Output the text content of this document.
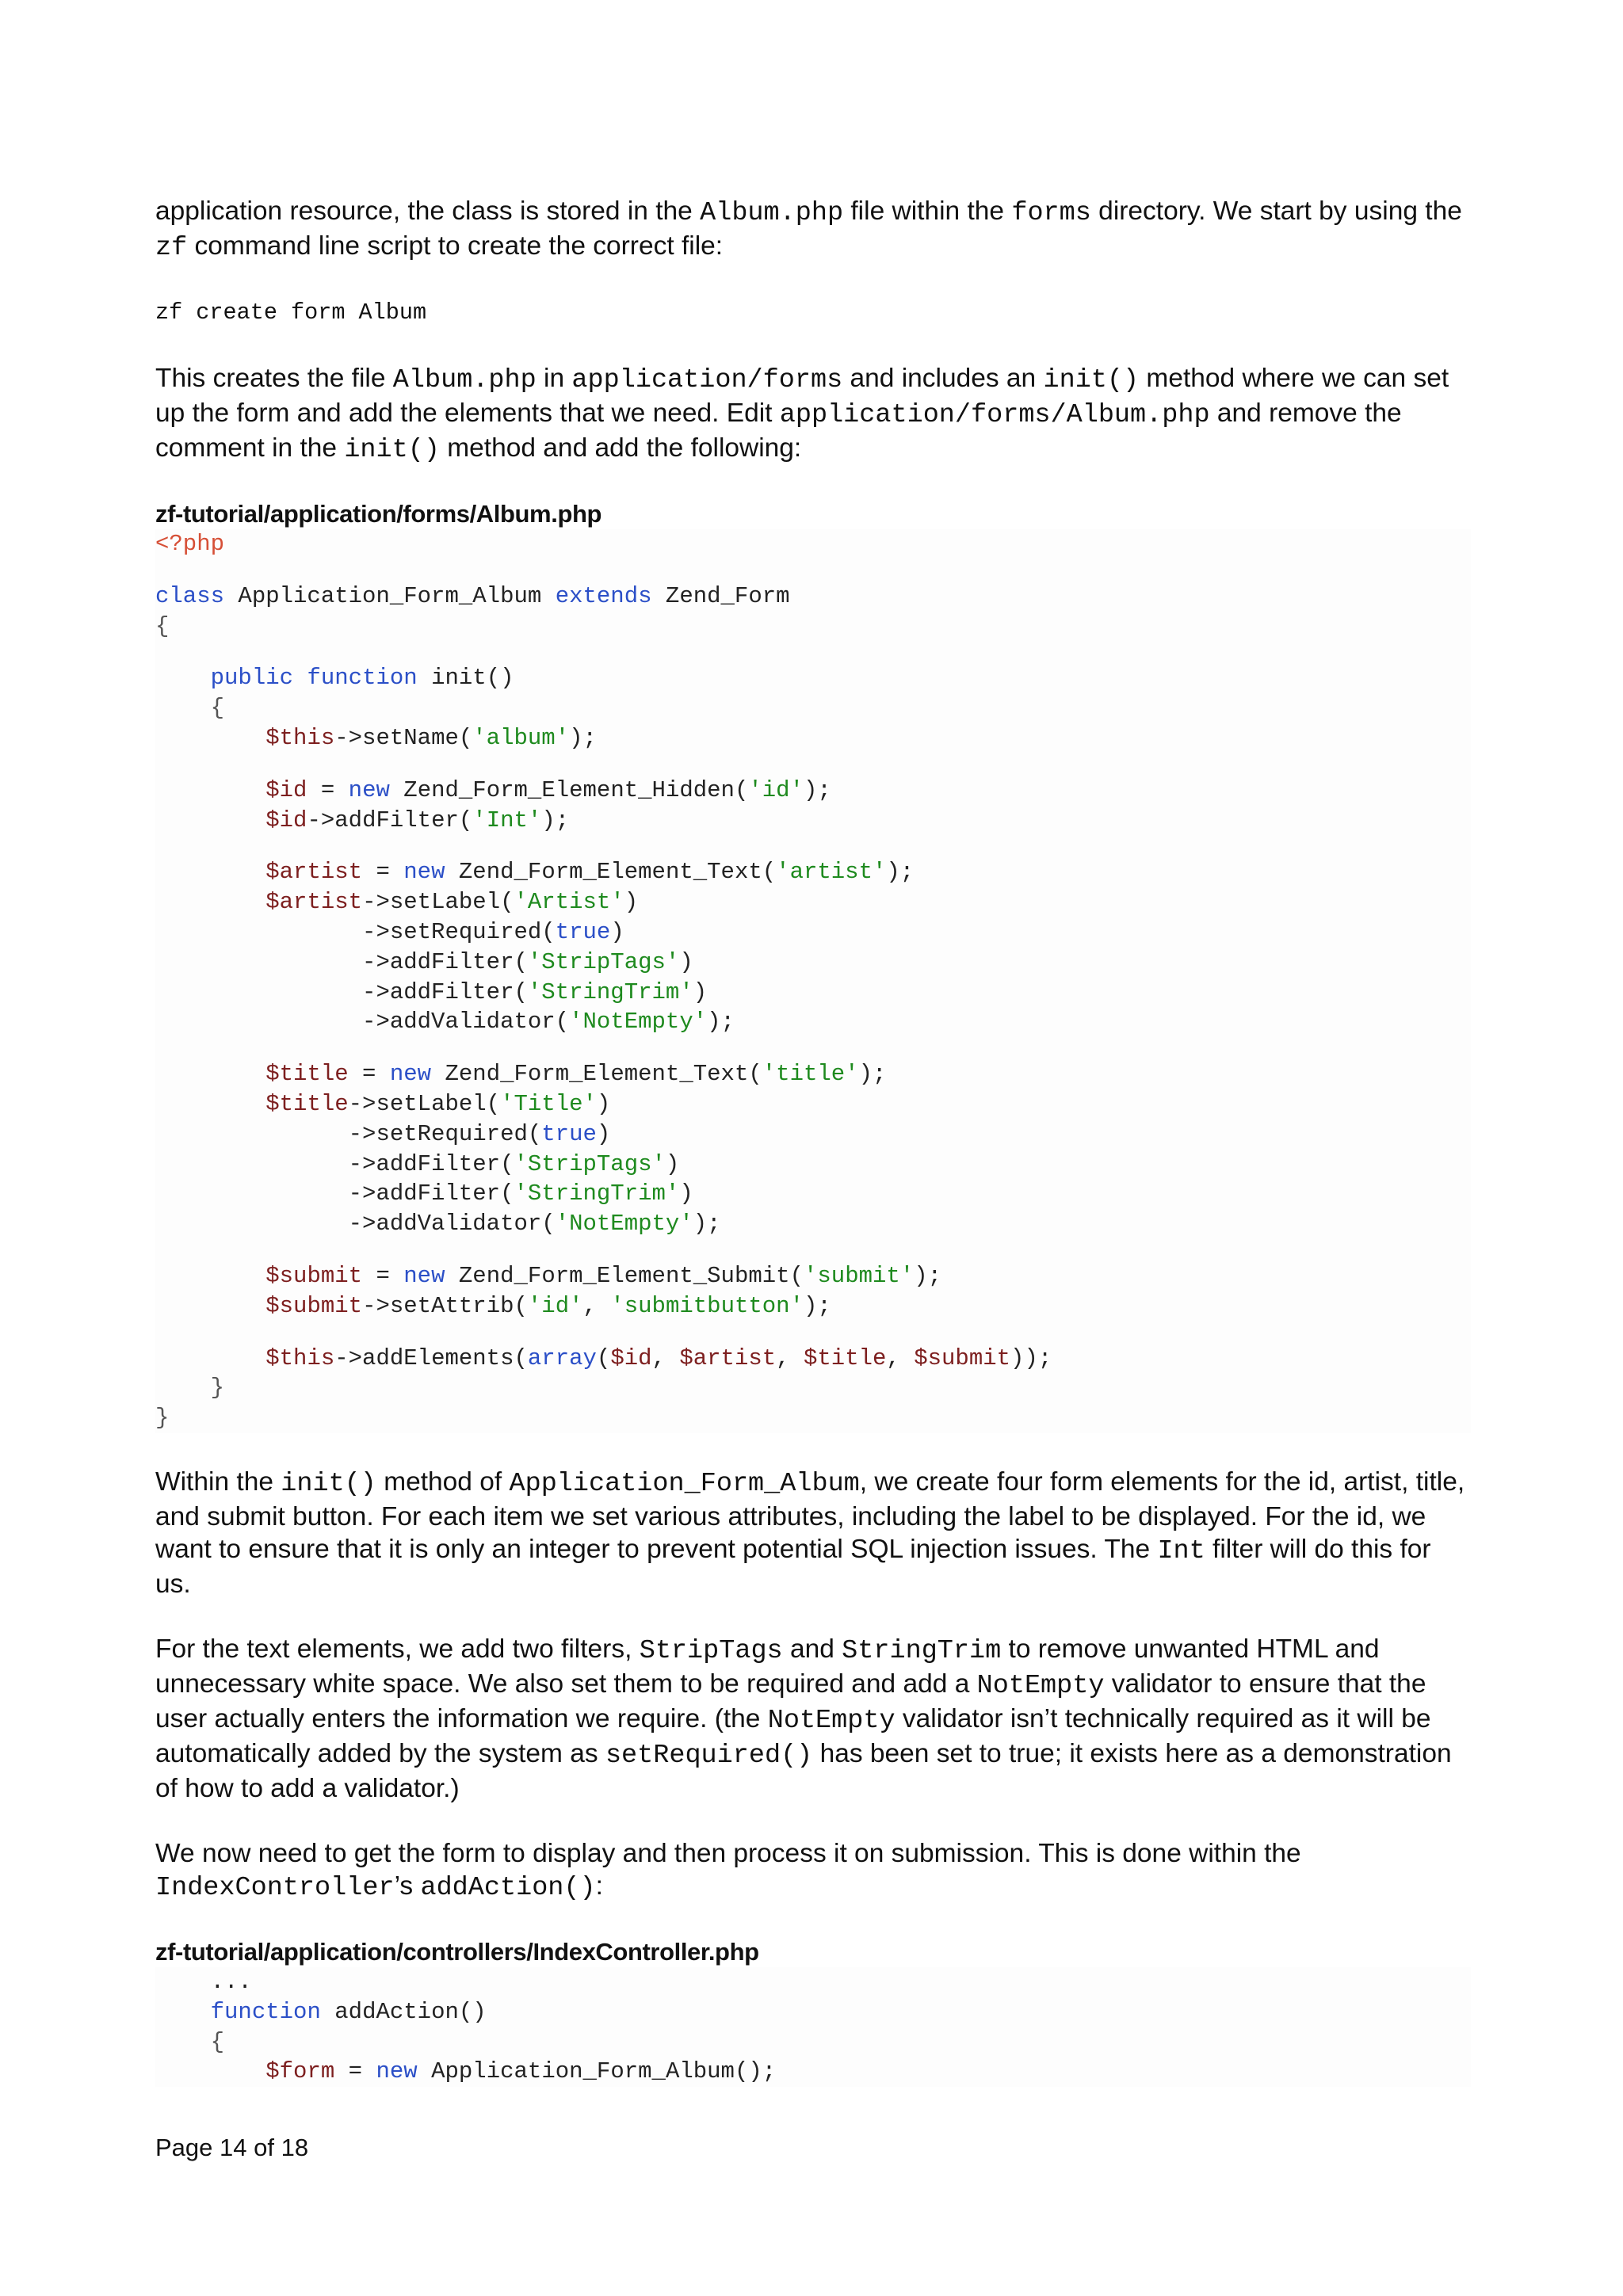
application resource, the class is stored in the Album.php file within the forms directory. We start by using the zf command line script to create the correct file:

zf create form Album

This creates the file Album.php in application/forms and includes an init() method where we can set up the form and add the elements that we need. Edit application/forms/Album.php and remove the comment in the init() method and add the following:

zf-tutorial/application/forms/Album.php

<?php
class Application_Form_Album extends Zend_Form
{
public function init()
{
$this->setName('album');
$id = new Zend_Form_Element_Hidden('id');
$id->addFilter('Int');
$artist = new Zend_Form_Element_Text('artist');
$artist->setLabel('Artist')
->setRequired(true)
->addFilter('StripTags')
->addFilter('StringTrim')
->addValidator('NotEmpty');
$title = new Zend_Form_Element_Text('title');
$title->setLabel('Title')
->setRequired(true)
->addFilter('StripTags')
->addFilter('StringTrim')
->addValidator('NotEmpty');
$submit = new Zend_Form_Element_Submit('submit');
$submit->setAttrib('id', 'submitbutton');
$this->addElements(array($id, $artist, $title, $submit));
}
}

Within the init() method of Application_Form_Album, we create four form elements for the id, artist, title, and submit button. For each item we set various attributes, including the label to be displayed. For the id, we want to ensure that it is only an integer to prevent potential SQL injection issues. The Int filter will do this for us.

For the text elements, we add two filters, StripTags and StringTrim to remove unwanted HTML and unnecessary white space. We also set them to be required and add a NotEmpty validator to ensure that the user actually enters the information we require. (the NotEmpty validator isn’t technically required as it will be automatically added by the system as setRequired() has been set to true; it exists here as a demonstration of how to add a validator.)

We now need to get the form to display and then process it on submission. This is done within the IndexController’s addAction():

zf-tutorial/application/controllers/IndexController.php

...
function addAction()
{
$form = new Application_Form_Album();
Page 14 of 18
